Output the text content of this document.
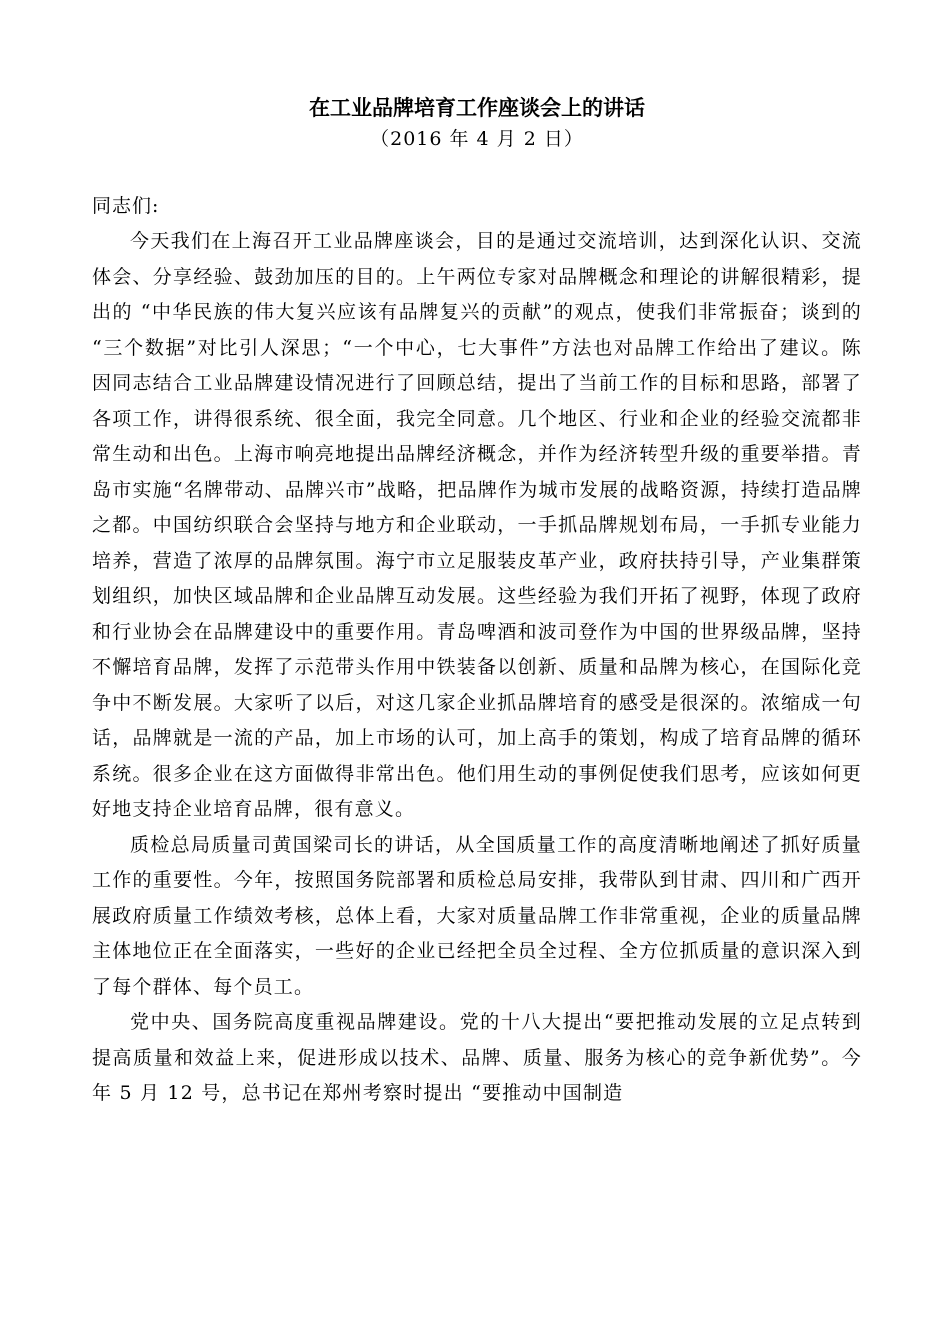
在工业品牌培育工作座谈会上的讲话
（2016 年 4 月 2 日）

同志们:

今天我们在上海召开工业品牌座谈会，目的是通过交流培训，达到深化认识、交流体会、分享经验、鼓劲加压的目的。上午两位专家对品牌概念和理论的讲解很精彩，提出的 “中华民族的伟大复兴应该有品牌复兴的贡献”的观点，使我们非常振奋；谈到的 “三个数据”对比引人深思；“一个中心，七大事件”方法也对品牌工作给出了建议。陈因同志结合工业品牌建设情况进行了回顾总结，提出了当前工作的目标和思路，部署了各项工作，讲得很系统、很全面，我完全同意。几个地区、行业和企业的经验交流都非常生动和出色。上海市响亮地提出品牌经济概念，并作为经济转型升级的重要举措。青岛市实施“名牌带动、品牌兴市”战略，把品牌作为城市发展的战略资源，持续打造品牌之都。中国纺织联合会坚持与地方和企业联动，一手抓品牌规划布局，一手抓专业能力培养，营造了浓厚的品牌氛围。海宁市立足服装皮革产业，政府扶持引导，产业集群策划组织，加快区域品牌和企业品牌互动发展。这些经验为我们开拓了视野，体现了政府和行业协会在品牌建设中的重要作用。青岛啤酒和波司登作为中国的世界级品牌，坚持不懈培育品牌，发挥了示范带头作用中铁装备以创新、质量和品牌为核心，在国际化竞争中不断发展。大家听了以后，对这几家企业抓品牌培育的感受是很深的。浓缩成一句话，品牌就是一流的产品，加上市场的认可，加上高手的策划，构成了培育品牌的循环系统。很多企业在这方面做得非常出色。他们用生动的事例促使我们思考，应该如何更好地支持企业培育品牌，很有意义。

质检总局质量司黄国梁司长的讲话，从全国质量工作的高度清晰地阐述了抓好质量工作的重要性。今年，按照国务院部署和质检总局安排，我带队到甘肃、四川和广西开展政府质量工作绩效考核，总体上看，大家对质量品牌工作非常重视，企业的质量品牌主体地位正在全面落实，一些好的企业已经把全员全过程、全方位抓质量的意识深入到了每个群体、每个员工。

党中央、国务院高度重视品牌建设。党的十八大提出“要把推动发展的立足点转到提高质量和效益上来，促进形成以技术、品牌、质量、服务为核心的竞争新优势”。今年 5 月 12 号，总书记在郑州考察时提出 “要推动中国制造
